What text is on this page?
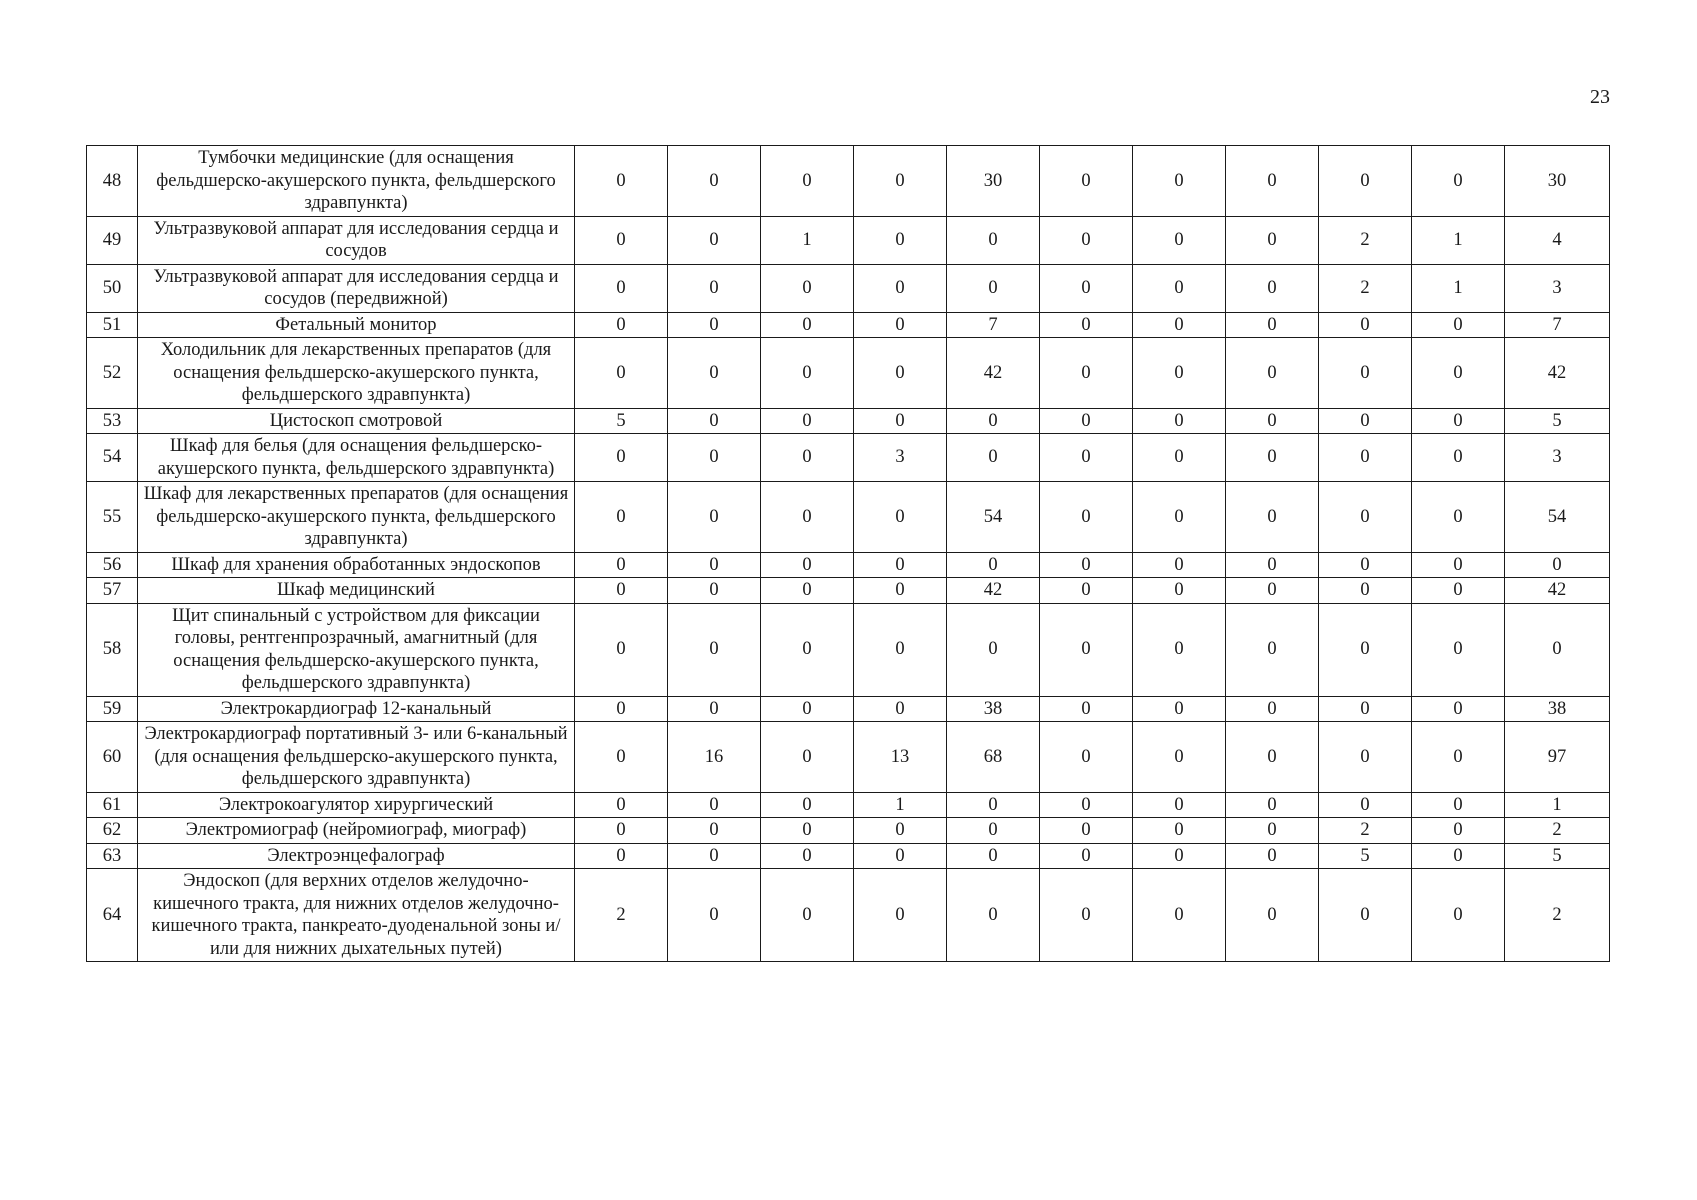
23
48	Тумбочки медицинские (для оснащения фельдшерско-акушерского пункта, фельдшерского здравпункта)	0	0	0	0	30	0	0	0	0	0	30
49	Ультразвуковой аппарат для исследования сердца и сосудов	0	0	1	0	0	0	0	0	2	1	4
50	Ультразвуковой аппарат для исследования сердца и сосудов (передвижной)	0	0	0	0	0	0	0	0	2	1	3
51	Фетальный монитор	0	0	0	0	7	0	0	0	0	0	7
52	Холодильник для лекарственных препаратов (для оснащения фельдшерско-акушерского пункта, фельдшерского здравпункта)	0	0	0	0	42	0	0	0	0	0	42
53	Цистоскоп смотровой	5	0	0	0	0	0	0	0	0	0	5
54	Шкаф для белья (для оснащения фельдшерско-акушерского пункта, фельдшерского здравпункта)	0	0	0	3	0	0	0	0	0	0	3
55	Шкаф для лекарственных препаратов (для оснащения фельдшерско-акушерского пункта, фельдшерского здравпункта)	0	0	0	0	54	0	0	0	0	0	54
56	Шкаф для хранения обработанных эндоскопов	0	0	0	0	0	0	0	0	0	0	0
57	Шкаф медицинский	0	0	0	0	42	0	0	0	0	0	42
58	Щит спинальный с устройством для фиксации головы, рентгенпрозрачный, амагнитный (для оснащения фельдшерско-акушерского пункта, фельдшерского здравпункта)	0	0	0	0	0	0	0	0	0	0	0
59	Электрокардиограф 12-канальный	0	0	0	0	38	0	0	0	0	0	38
60	Электрокардиограф портативный 3- или 6-канальный (для оснащения фельдшерско-акушерского пункта, фельдшерского здравпункта)	0	16	0	13	68	0	0	0	0	0	97
61	Электрокоагулятор хирургический	0	0	0	1	0	0	0	0	0	0	1
62	Электромиограф (нейромиограф, миограф)	0	0	0	0	0	0	0	0	2	0	2
63	Электроэнцефалограф	0	0	0	0	0	0	0	0	5	0	5
64	Эндоскоп (для верхних отделов желудочно-кишечного тракта, для нижних отделов желудочно-кишечного тракта, панкреато-дуоденальной зоны и/или для нижних дыхательных путей)	2	0	0	0	0	0	0	0	0	0	2
